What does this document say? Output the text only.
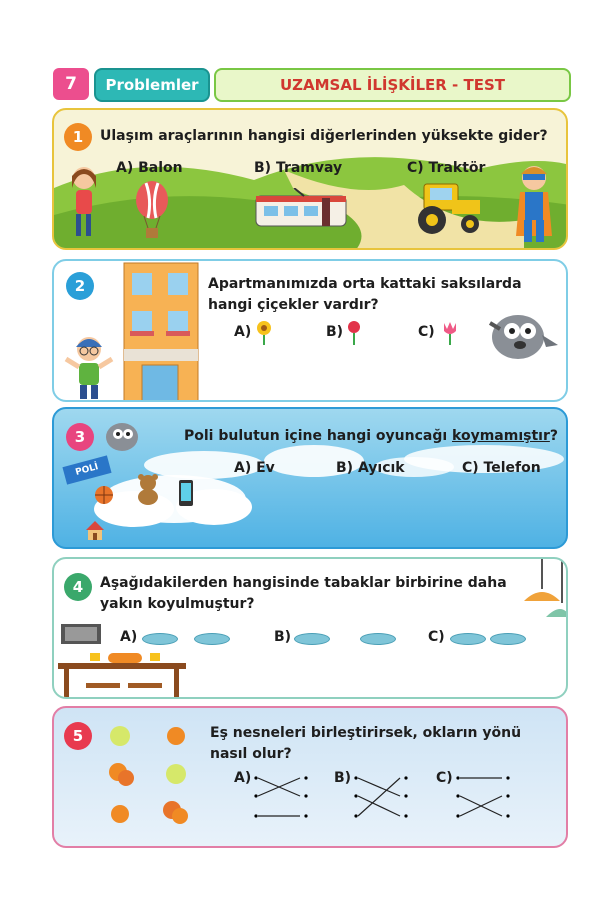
7	Problemler	UZAMSAL İLİŞKİLER - TEST
1	Ulaşım araçlarının hangisi diğerlerinden yüksekte gider?
A) Balon	B) Tramvay	C) Traktör
2	Apartmanımızda orta kattaki saksılarda
hangi çiçekler vardır?
A)	B)	C)
3
POLİ
Poli bulutun içine hangi oyuncağı koymamıştır?
A) Ev	B) Ayıcık	C) Telefon
4	Aşağıdakilerden hangisinde tabaklar birbirine daha
yakın koyulmuştur?
A)	B)	C)
5	Eş nesneleri birleştirirsek, okların yönü
nasıl olur?
A)	B)	C)
